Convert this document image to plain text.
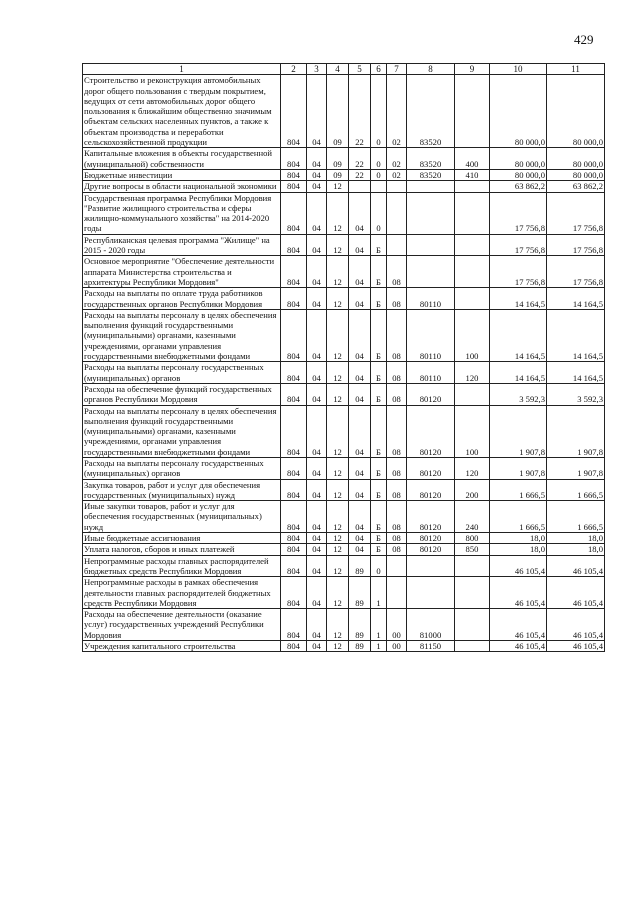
429
1	2	3	4	5	6	7	8	9	10	11
Строительство и реконструкция автомобильных дорог общего пользования с твердым покрытием, ведущих от сети автомобильных дорог общего пользования к ближайшим общественно значимым объектам сельских населенных пунктов, а также к объектам производства и переработки сельскохозяйственной продукции	804	04	09	22	0	02	83520		80 000,0	80 000,0
Капитальные вложения в объекты государственной (муниципальной) собственности	804	04	09	22	0	02	83520	400	80 000,0	80 000,0
Бюджетные инвестиции	804	04	09	22	0	02	83520	410	80 000,0	80 000,0
Другие вопросы в области национальной экономики	804	04	12						63 862,2	63 862,2
Государственная программа Республики Мордовия "Развитие жилищного строительства и сферы жилищно-коммунального хозяйства" на 2014-2020 годы	804	04	12	04	0				17 756,8	17 756,8
Республиканская целевая программа "Жилище" на 2015 - 2020 годы	804	04	12	04	Б				17 756,8	17 756,8
Основное мероприятие "Обеспечение деятельности аппарата Министерства строительства и архитектуры Республики Мордовия"	804	04	12	04	Б	08			17 756,8	17 756,8
Расходы на выплаты по оплате труда работников государственных органов Республики Мордовия	804	04	12	04	Б	08	80110		14 164,5	14 164,5
Расходы на выплаты персоналу в целях обеспечения выполнения функций государственными (муниципальными) органами, казенными учреждениями, органами управления государственными внебюджетными фондами	804	04	12	04	Б	08	80110	100	14 164,5	14 164,5
Расходы на выплаты персоналу государственных (муниципальных) органов	804	04	12	04	Б	08	80110	120	14 164,5	14 164,5
Расходы на обеспечение функций государственных органов Республики Мордовия	804	04	12	04	Б	08	80120		3 592,3	3 592,3
Расходы на выплаты персоналу в целях обеспечения выполнения функций государственными (муниципальными) органами, казенными учреждениями, органами управления государственными внебюджетными фондами	804	04	12	04	Б	08	80120	100	1 907,8	1 907,8
Расходы на выплаты персоналу государственных (муниципальных) органов	804	04	12	04	Б	08	80120	120	1 907,8	1 907,8
Закупка товаров, работ и услуг для обеспечения государственных (муниципальных) нужд	804	04	12	04	Б	08	80120	200	1 666,5	1 666,5
Иные закупки товаров, работ и услуг для обеспечения государственных (муниципальных) нужд	804	04	12	04	Б	08	80120	240	1 666,5	1 666,5
Иные бюджетные ассигнования	804	04	12	04	Б	08	80120	800	18,0	18,0
Уплата налогов, сборов и иных платежей	804	04	12	04	Б	08	80120	850	18,0	18,0
Непрограммные расходы главных распорядителей бюджетных средств Республики Мордовия	804	04	12	89	0				46 105,4	46 105,4
Непрограммные расходы в рамках обеспечения деятельности главных распорядителей бюджетных средств Республики Мордовия	804	04	12	89	1				46 105,4	46 105,4
Расходы на обеспечение деятельности (оказание услуг) государственных учреждений Республики Мордовия	804	04	12	89	1	00	81000		46 105,4	46 105,4
Учреждения капитального строительства	804	04	12	89	1	00	81150		46 105,4	46 105,4
